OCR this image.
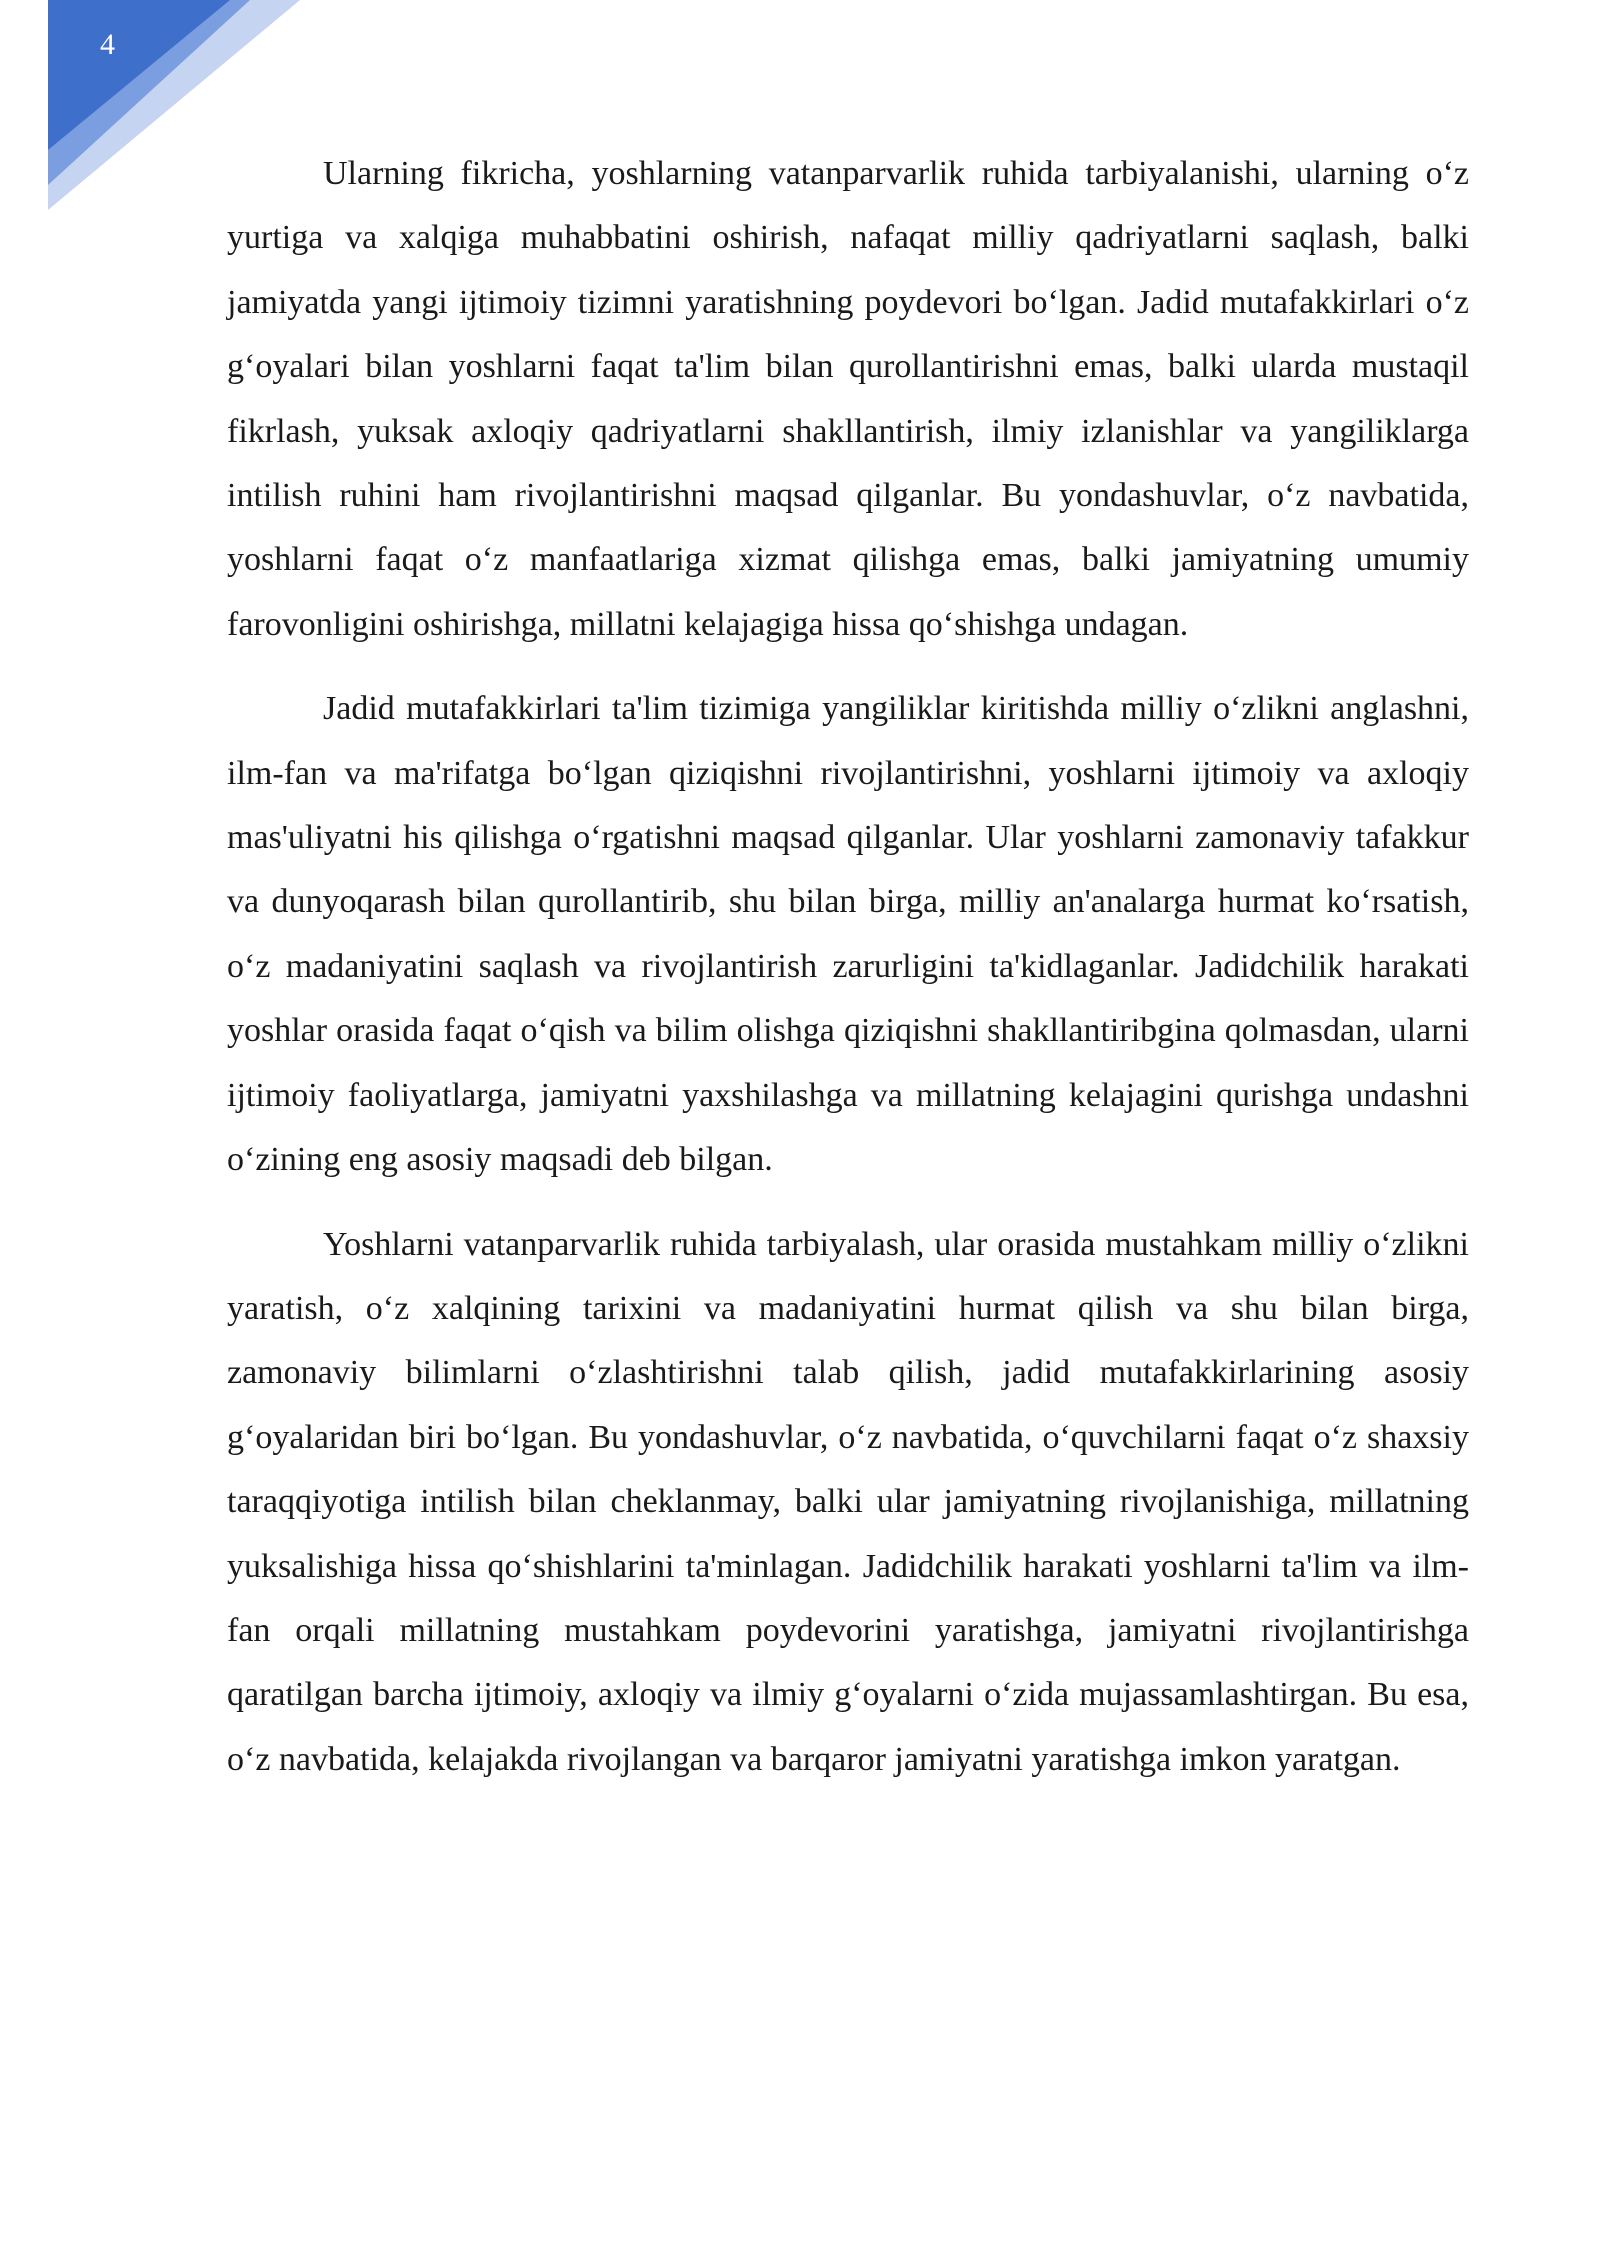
4

Ularning fikricha, yoshlarning vatanparvarlik ruhida tarbiyalanishi, ularning o‘z yurtiga va xalqiga muhabbatini oshirish, nafaqat milliy qadriyatlarni saqlash, balki jamiyatda yangi ijtimoiy tizimni yaratishning poydevori bo‘lgan. Jadid mutafakkirlari o‘z g‘oyalari bilan yoshlarni faqat ta'lim bilan qurollantirishni emas, balki ularda mustaqil fikrlash, yuksak axloqiy qadriyatlarni shakllantirish, ilmiy izlanishlar va yangiliklarga intilish ruhini ham rivojlantirishni maqsad qilganlar. Bu yondashuvlar, o‘z navbatida, yoshlarni faqat o‘z manfaatlariga xizmat qilishga emas, balki jamiyatning umumiy farovonligini oshirishga, millatni kelajagiga hissa qo‘shishga undagan.

Jadid mutafakkirlari ta'lim tizimiga yangiliklar kiritishda milliy o‘zlikni anglashni, ilm-fan va ma'rifatga bo‘lgan qiziqishni rivojlantirishni, yoshlarni ijtimoiy va axloqiy mas'uliyatni his qilishga o‘rgatishni maqsad qilganlar. Ular yoshlarni zamonaviy tafakkur va dunyoqarash bilan qurollantirib, shu bilan birga, milliy an'analarga hurmat ko‘rsatish, o‘z madaniyatini saqlash va rivojlantirish zarurligini ta'kidlaganlar. Jadidchilik harakati yoshlar orasida faqat o‘qish va bilim olishga qiziqishni shakllantiribgina qolmasdan, ularni ijtimoiy faoliyatlarga, jamiyatni yaxshilashga va millatning kelajagini qurishga undashni o‘zining eng asosiy maqsadi deb bilgan.

Yoshlarni vatanparvarlik ruhida tarbiyalash, ular orasida mustahkam milliy o‘zlikni yaratish, o‘z xalqining tarixini va madaniyatini hurmat qilish va shu bilan birga, zamonaviy bilimlarni o‘zlashtirishni talab qilish, jadid mutafakkirlarining asosiy g‘oyalaridan biri bo‘lgan. Bu yondashuvlar, o‘z navbatida, o‘quvchilarni faqat o‘z shaxsiy taraqqiyotiga intilish bilan cheklanmay, balki ular jamiyatning rivojlanishiga, millatning yuksalishiga hissa qo‘shishlarini ta'minlagan. Jadidchilik harakati yoshlarni ta'lim va ilm-fan orqali millatning mustahkam poydevorini yaratishga, jamiyatni rivojlantirishga qaratilgan barcha ijtimoiy, axloqiy va ilmiy g‘oyalarni o‘zida mujassamlashtirgan. Bu esa, o‘z navbatida, kelajakda rivojlangan va barqaror jamiyatni yaratishga imkon yaratgan.
